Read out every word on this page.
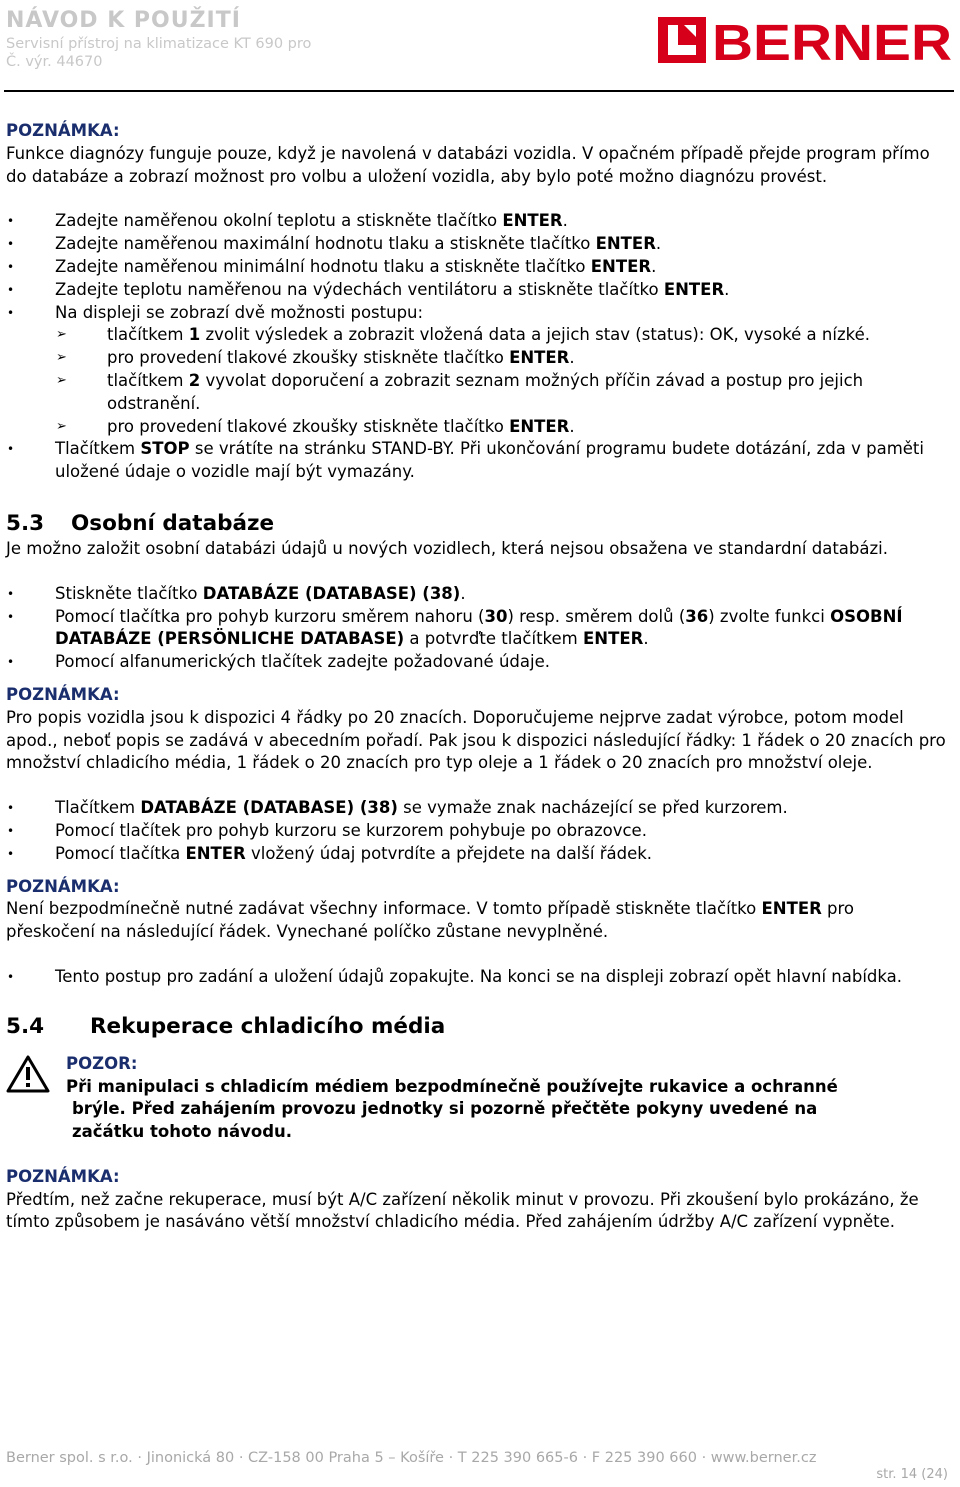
NÁVOD K POUŽITÍ
Servisní přístroj na klimatizace KT 690 pro
Č. výr. 44670	BERNER

POZNÁMKA:

Funkce diagnózy funguje pouze, když je navolená v databázi vozidla. V opačném případě přejde program přímo do databáze a zobrazí možnost pro volbu a uložení vozidla, aby bylo poté možno diagnózu provést.

• Zadejte naměřenou okolní teplotu a stiskněte tlačítko ENTER.
• Zadejte naměřenou maximální hodnotu tlaku a stiskněte tlačítko ENTER.
• Zadejte naměřenou minimální hodnotu tlaku a stiskněte tlačítko ENTER.
• Zadejte teplotu naměřenou na výdechách ventilátoru a stiskněte tlačítko ENTER.
• Na displeji se zobrazí dvě možnosti postupu:
➢ tlačítkem 1 zvolit výsledek a zobrazit vložená data a jejich stav (status): OK, vysoké a nízké.
➢ pro provedení tlakové zkoušky stiskněte tlačítko ENTER.
➢ tlačítkem 2 vyvolat doporučení a zobrazit seznam možných příčin závad a postup pro jejich odstranění.
➢ pro provedení tlakové zkoušky stiskněte tlačítko ENTER.
• Tlačítkem STOP se vrátíte na stránku STAND-BY. Při ukončování programu budete dotázání, zda v paměti uložené údaje o vozidle mají být vymazány.
5.3 Osobní databáze

Je možno založit osobní databázi údajů u nových vozidlech, která nejsou obsažena ve standardní databázi.

• Stiskněte tlačítko DATABÁZE (DATABASE) (38).
• Pomocí tlačítka pro pohyb kurzoru směrem nahoru (30) resp. směrem dolů (36) zvolte funkci OSOBNÍ DATABÁZE (PERSÖNLICHE DATABASE) a potvrďte tlačítkem ENTER.
• Pomocí alfanumerických tlačítek zadejte požadované údaje.

POZNÁMKA:

Pro popis vozidla jsou k dispozici 4 řádky po 20 znacích. Doporučujeme nejprve zadat výrobce, potom model apod., neboť popis se zadává v abecedním pořadí. Pak jsou k dispozici následující řádky: 1 řádek o 20 znacích pro množství chladicího média, 1 řádek o 20 znacích pro typ oleje a 1 řádek o 20 znacích pro množství oleje.

• Tlačítkem DATABÁZE (DATABASE) (38) se vymaže znak nacházející se před kurzorem.
• Pomocí tlačítek pro pohyb kurzoru se kurzorem pohybuje po obrazovce.
• Pomocí tlačítka ENTER vložený údaj potvrdíte a přejdete na další řádek.

POZNÁMKA:

Není bezpodmínečně nutné zadávat všechny informace. V tomto případě stiskněte tlačítko ENTER pro přeskočení na následující řádek. Vynechané políčko zůstane nevyplněné.

• Tento postup pro zadání a uložení údajů zopakujte. Na konci se na displeji zobrazí opět hlavní nabídka.
5.4 Rekuperace chladicího média

POZOR:

Při manipulaci s chladicím médiem bezpodmínečně používejte rukavice a ochranné

brýle. Před zahájením provozu jednotky si pozorně přečtěte pokyny uvedené na

začátku tohoto návodu.

POZNÁMKA:

Předtím, než začne rekuperace, musí být A/C zařízení několik minut v provozu. Při zkoušení bylo prokázáno, že tímto způsobem je nasáváno větší množství chladicího média. Před zahájením údržby A/C zařízení vypněte.

Berner spol. s r.o. · Jinonická 80 · CZ-158 00 Praha 5 – Košíře · T 225 390 665-6 · F 225 390 660 · www.berner.cz
str. 14 (24)
